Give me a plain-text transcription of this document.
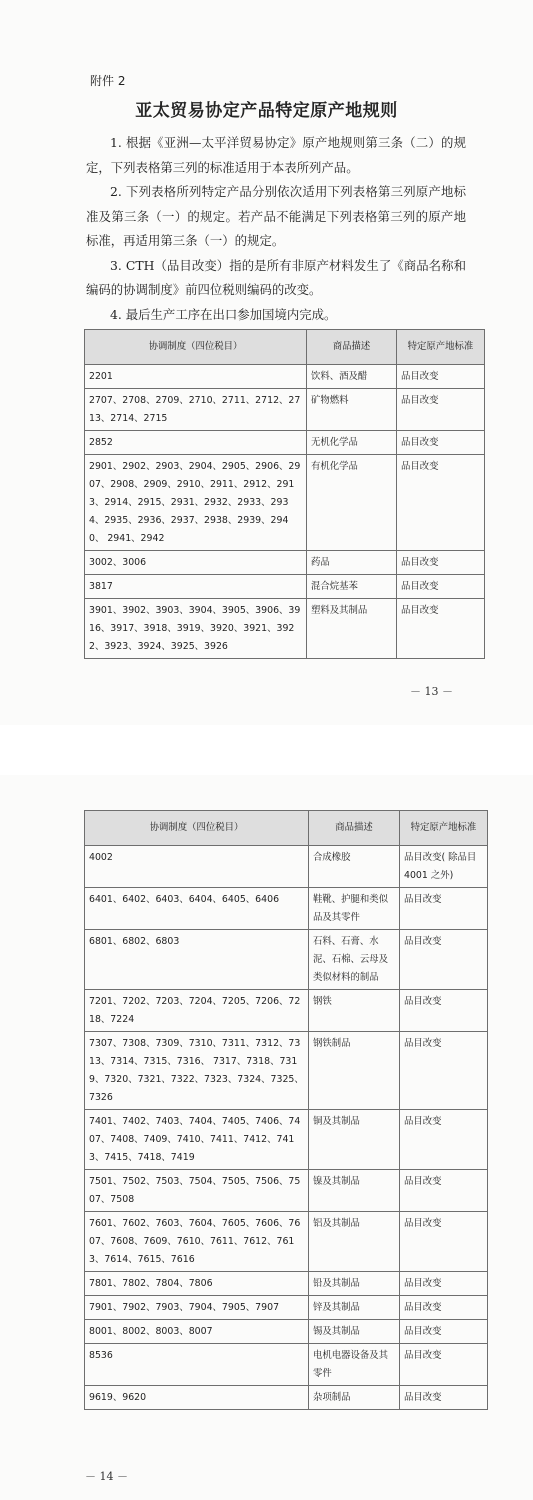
附件 2
亚太贸易协定产品特定原产地规则

1. 根据《亚洲—太平洋贸易协定》原产地规则第三条（二）的规定，下列表格第三列的标准适用于本表所列产品。

2. 下列表格所列特定产品分别依次适用下列表格第三列原产地标准及第三条（一）的规定。若产品不能满足下列表格第三列的原产地标准，再适用第三条（一）的规定。

3. CTH（品目改变）指的是所有非原产材料发生了《商品名称和编码的协调制度》前四位税则编码的改变。

4. 最后生产工序在出口参加国境内完成。

协调制度（四位税目）	商品描述	特定原产地标准
2201	饮料、酒及醋	品目改变
2707、2708、2709、2710、2711、2712、2713、2714、2715	矿物燃料	品目改变
2852	无机化学品	品目改变
2901、2902、2903、2904、2905、2906、2907、2908、2909、2910、2911、2912、2913、2914、2915、2931、2932、2933、2934、2935、2936、2937、2938、2939、2940、 2941、2942	有机化学品	品目改变
3002、3006	药品	品目改变
3817	混合烷基苯	品目改变
3901、3902、3903、3904、3905、3906、3916、3917、3918、3919、3920、3921、3922、3923、3924、3925、3926	塑料及其制品	品目改变
－ 13 －
协调制度（四位税目）	商品描述	特定原产地标准
4002	合成橡胶	品目改变( 除品目 4001 之外)
6401、6402、6403、6404、6405、6406	鞋靴、护腿和类似品及其零件	品目改变
6801、6802、6803	石料、石膏、水泥、石棉、云母及类似材料的制品	品目改变
7201、7202、7203、7204、7205、7206、7218、7224	钢铁	品目改变
7307、7308、7309、7310、7311、7312、7313、7314、7315、7316、 7317、7318、7319、7320、7321、7322、7323、7324、7325、7326	钢铁制品	品目改变
7401、7402、7403、7404、7405、7406、7407、7408、7409、7410、7411、7412、7413、7415、7418、7419	铜及其制品	品目改变
7501、7502、7503、7504、7505、7506、7507、7508	镍及其制品	品目改变
7601、7602、7603、7604、7605、7606、7607、7608、7609、7610、7611、7612、7613、7614、7615、7616	铝及其制品	品目改变
7801、7802、7804、7806	铅及其制品	品目改变
7901、7902、7903、7904、7905、7907	锌及其制品	品目改变
8001、8002、8003、8007	锡及其制品	品目改变
8536	电机电器设备及其零件	品目改变
9619、9620	杂项制品	品目改变
－ 14 －
